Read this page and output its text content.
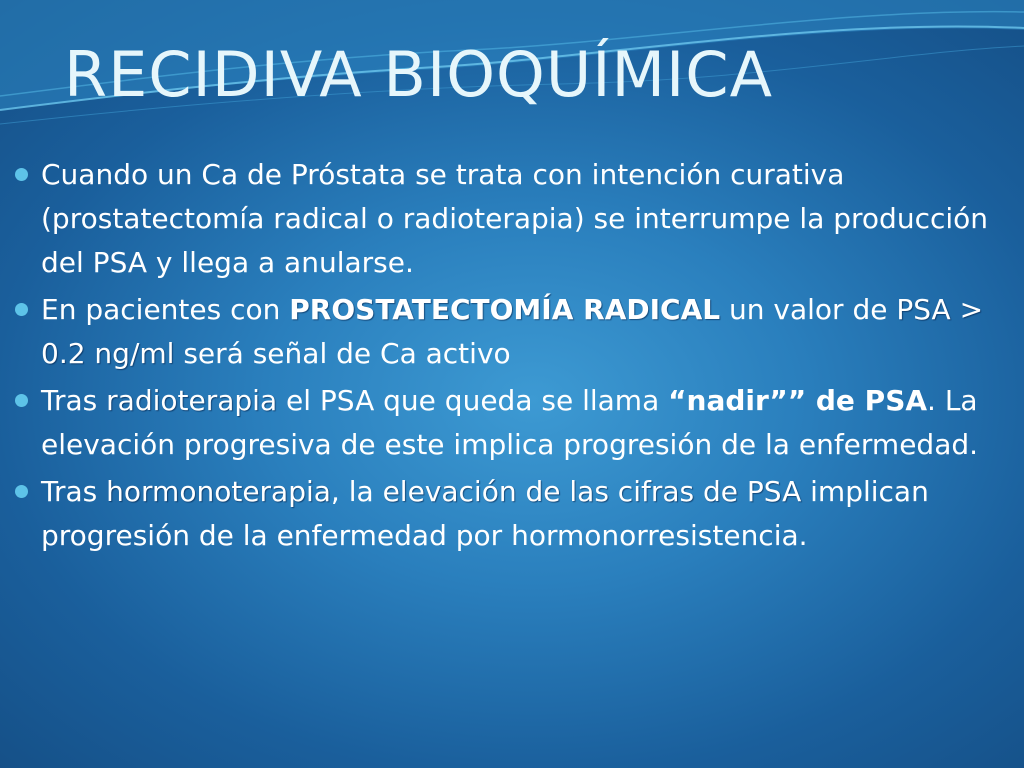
RECIDIVA BIOQUÍMICA
Cuando un Ca de Próstata se trata con intención curativa (prostatectomía radical o radioterapia) se interrumpe la producción del PSA y llega a anularse.
En pacientes con PROSTATECTOMÍA RADICAL un valor de PSA > 0.2 ng/ml será señal de Ca activo
Tras radioterapia el PSA que queda se llama “nadir”” de PSA. La elevación progresiva de este implica progresión de la enfermedad.
Tras hormonoterapia, la elevación de las cifras de PSA implican progresión de la enfermedad por hormonorresistencia.
